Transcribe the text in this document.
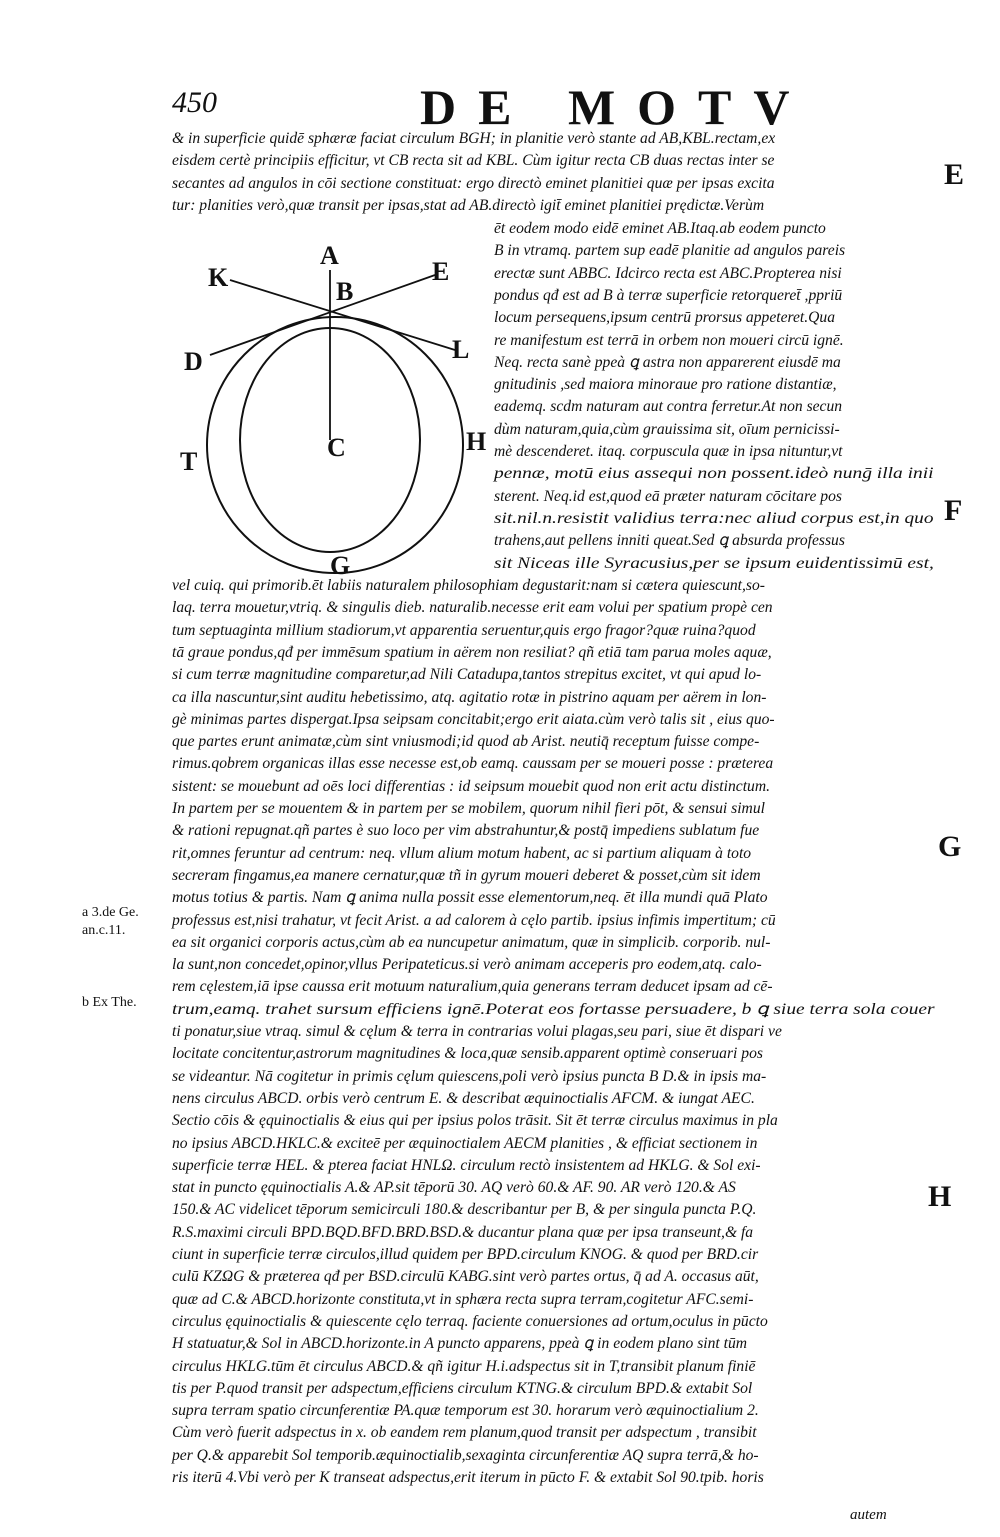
450	DE MOTV
& in superficie quidē sphæræ faciat circulum BGH; in planitie verò stante ad AB,KBL.rectam,ex
eisdem certè principiis efficitur, vt CB recta sit ad KBL. Cùm igitur recta CB duas rectas inter se
secantes ad angulos in cōi sectione constituat: ergo directò eminet planitiei quæ per ipsas excita
tur: planities verò,quæ transit per ipsas,stat ad AB.directò igit̄ eminet planitiei prędictæ.Verùm
A
B
K	E
D	L
T	C	H
G
ēt eodem modo eidē eminet AB.Itaq.ab eodem puncto
B in vtramq. partem sup eadē planitie ad angulos pareis
erectæ sunt ABBC. Idcirco recta est ABC.Propterea nisi
pondus qđ est ad B à terræ superficie retorqueret̄ ,ppriū
locum persequens,ipsum centrū prorsus appeteret.Qua
re manifestum est terrā in orbem non moueri circū ignē.
Neq. recta sanè ppeà ꝗ astra non apparerent eiusdē ma
gnitudinis ,sed maiora minoraue pro ratione distantiæ,
eademq. scdm naturam aut contra ferretur.At non secun
dùm naturam,quia,cùm grauissima sit, oīum pernicissi-
mè descenderet. itaq. corpuscula quæ in ipsa nituntur,vt
pennæ, motū eius assequi non possent.ideò nunḡ illa inii
sterent. Neq.id est,quod eā præter naturam cōcitare pos
sit.nil.n.resistit validius terra:nec aliud corpus est,in quo
trahens,aut pellens inniti queat.Sed ꝗ absurda professus
sit Niceas ille Syracusius,per se ipsum euidentissimū est,
vel cuiq. qui primorib.ēt labiis naturalem philosophiam degustarit:nam si cætera quiescunt,so-
laq. terra mouetur,vtriq. & singulis dieb. naturalib.necesse erit eam volui per spatium propè cen
tum septuaginta millium stadiorum,vt apparentia seruentur,quis ergo fragor?quæ ruina?quod
tā graue pondus,qđ per immēsum spatium in aërem non resiliat? qñ etiā tam parua moles aquæ,
si cum terræ magnitudine comparetur,ad Nili Catadupa,tantos strepitus excitet, vt qui apud lo-
ca illa nascuntur,sint auditu hebetissimo, atq. agitatio rotæ in pistrino aquam per aërem in lon-
gè minimas partes dispergat.Ipsa seipsam concitabit;ergo erit aiata.cùm verò talis sit , eius quo-
que partes erunt animatæ,cùm sint vniusmodi;id quod ab Arist. neutiq̄ receptum fuisse compe-
rimus.qobrem organicas illas esse necesse est,ob eamq. caussam per se moueri posse : præterea
sistent: se mouebunt ad oēs loci differentias : id seipsum mouebit quod non erit actu distinctum.
In partem per se mouentem & in partem per se mobilem, quorum nihil fieri pōt, & sensui simul
& rationi repugnat.qñ partes è suo loco per vim abstrahuntur,& postq̄ impediens sublatum fue
rit,omnes feruntur ad centrum: neq. vllum alium motum habent, ac si partium aliquam à toto
secreram fingamus,ea manere cernatur,quæ tñ in gyrum moueri deberet & posset,cùm sit idem
motus totius & partis. Nam ꝗ anima nulla possit esse elementorum,neq. ēt illa mundi quā Plato
professus est,nisi trahatur, vt fecit Arist. a ad calorem à cęlo partib. ipsius infimis impertitum; cū
ea sit organici corporis actus,cùm ab ea nuncupetur animatum, quæ in simplicib. corporib. nul-
la sunt,non concedet,opinor,vllus Peripateticus.si verò animam acceperis pro eodem,atq. calo-
rem cęlestem,iā ipse caussa erit motuum naturalium,quia generans terram deducet ipsam ad cē-
trum,eamq. trahet sursum efficiens ignē.Poterat eos fortasse persuadere, b ꝗ siue terra sola couer
ti ponatur,siue vtraq. simul & cęlum & terra in contrarias volui plagas,seu pari, siue ēt dispari ve
locitate concitentur,astrorum magnitudines & loca,quæ sensib.apparent optimè conseruari pos
se videantur. Nā cogitetur in primis cęlum quiescens,poli verò ipsius puncta B D.& in ipsis ma-
nens circulus ABCD. orbis verò centrum E. & describat æquinoctialis AFCM. & iungat AEC.
Sectio cōis & ęquinoctialis & eius qui per ipsius polos trāsit. Sit ēt terræ circulus maximus in pla
no ipsius ABCD.HKLC.& exciteē per æquinoctialem AECM planities , & efficiat sectionem in
superficie terræ HEL. & pterea faciat HNLΩ. circulum rectò insistentem ad HKLG. & Sol exi-
stat in puncto ęquinoctialis A.& AP.sit tēporū 30. AQ verò 60.& AF. 90. AR verò 120.& AS
150.& AC videlicet tēporum semicirculi 180.& describantur per B, & per singula puncta P.Q.
R.S.maximi circuli BPD.BQD.BFD.BRD.BSD.& ducantur plana quæ per ipsa transeunt,& fa
ciunt in superficie terræ circulos,illud quidem per BPD.circulum KNOG. & quod per BRD.cir
culū KZΩG & præterea qđ per BSD.circulū KABG.sint verò partes ortus, q̄ ad A. occasus aūt,
quæ ad C.& ABCD.horizonte constituta,vt in sphæra recta supra terram,cogitetur AFC.semi-
circulus ęquinoctialis & quiescente cęlo terraq. faciente conuersiones ad ortum,oculus in pūcto
H statuatur,& Sol in ABCD.horizonte.in A puncto apparens, ppeà ꝗ in eodem plano sint tūm
circulus HKLG.tūm ēt circulus ABCD.& qñ igitur H.i.adspectus sit in T,transibit planum finiē
tis per P.quod transit per adspectum,efficiens circulum KTNG.& circulum BPD.& extabit Sol
supra terram spatio circunferentiæ PA.quæ temporum est 30. horarum verò æquinoctialium 2.
Cùm verò fuerit adspectus in x. ob eandem rem planum,quod transit per adspectum , transibit
per Q.& apparebit Sol temporib.æquinoctialib,sexaginta circunferentiæ AQ supra terrā,& ho-
ris iterū 4.Vbi verò per K transeat adspectus,erit iterum in pūcto F. & extabit Sol 90.tpib. horis
E
F
G
H
a 3.de Ge. an.c.11.
b Ex The.
autem
